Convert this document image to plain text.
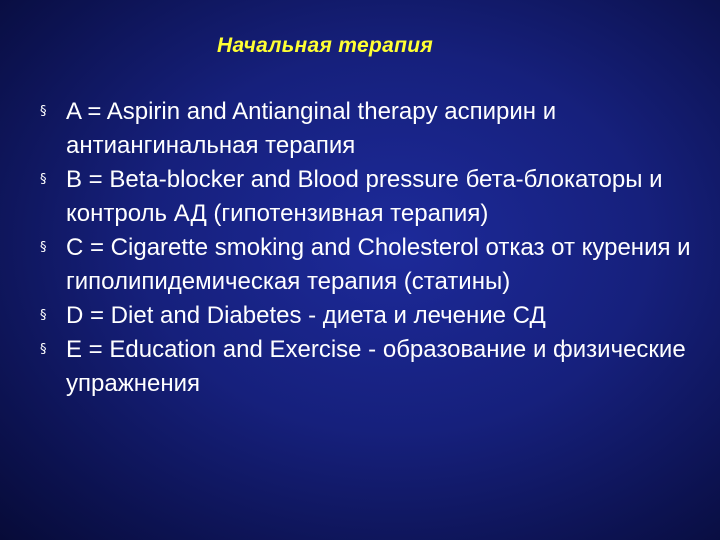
Начальная терапия
§ A = Aspirin and Antianginal therapy аспирин и антиангинальная терапия
§ B = Beta-blocker and Blood pressure бета-блокаторы и контроль АД (гипотензивная терапия)
§ C = Cigarette smoking and Cholesterol отказ от курения и гиполипидемическая терапия (статины)
§ D = Diet and Diabetes - диета и лечение СД
§ E = Education and Exercise - образование и физические упражнения
